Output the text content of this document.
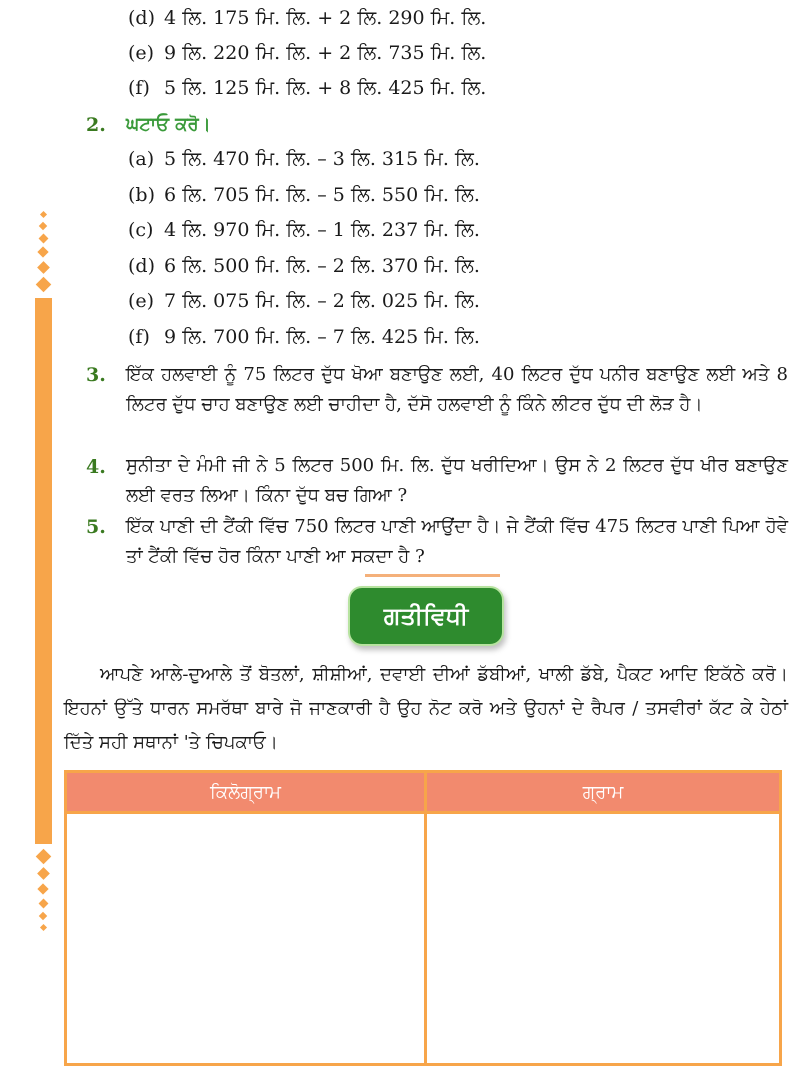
(d) 4 ਲਿ. 175 ਮਿ. ਲਿ. + 2 ਲਿ. 290 ਮਿ. ਲਿ.
(e) 9 ਲਿ. 220 ਮਿ. ਲਿ. + 2 ਲਿ. 735 ਮਿ. ਲਿ.
(f) 5 ਲਿ. 125 ਮਿ. ਲਿ. + 8 ਲਿ. 425 ਮਿ. ਲਿ.
2. ਘਟਾਓ ਕਰੋ।
(a) 5 ਲਿ. 470 ਮਿ. ਲਿ. – 3 ਲਿ. 315 ਮਿ. ਲਿ.
(b) 6 ਲਿ. 705 ਮਿ. ਲਿ. – 5 ਲਿ. 550 ਮਿ. ਲਿ.
(c) 4 ਲਿ. 970 ਮਿ. ਲਿ. – 1 ਲਿ. 237 ਮਿ. ਲਿ.
(d) 6 ਲਿ. 500 ਮਿ. ਲਿ. – 2 ਲਿ. 370 ਮਿ. ਲਿ.
(e) 7 ਲਿ. 075 ਮਿ. ਲਿ. – 2 ਲਿ. 025 ਮਿ. ਲਿ.
(f) 9 ਲਿ. 700 ਮਿ. ਲਿ. – 7 ਲਿ. 425 ਮਿ. ਲਿ.
3. ਇੱਕ ਹਲਵਾਈ ਨੂੰ 75 ਲਿਟਰ ਦੁੱਧ ਖੋਆ ਬਣਾਉਣ ਲਈ, 40 ਲਿਟਰ ਦੁੱਧ ਪਨੀਰ ਬਣਾਉਣ ਲਈ ਅਤੇ 8 ਲਿਟਰ ਦੁੱਧ ਚਾਹ ਬਣਾਉਣ ਲਈ ਚਾਹੀਦਾ ਹੈ, ਦੱਸੋ ਹਲਵਾਈ ਨੂੰ ਕਿੰਨੇ ਲੀਟਰ ਦੁੱਧ ਦੀ ਲੋੜ ਹੈ।
4. ਸੁਨੀਤਾ ਦੇ ਮੰਮੀ ਜੀ ਨੇ 5 ਲਿਟਰ 500 ਮਿ. ਲਿ. ਦੁੱਧ ਖਰੀਦਿਆ। ਉਸ ਨੇ 2 ਲਿਟਰ ਦੁੱਧ ਖੀਰ ਬਣਾਉਣ ਲਈ ਵਰਤ ਲਿਆ। ਕਿੰਨਾ ਦੁੱਧ ਬਚ ਗਿਆ ?
5. ਇੱਕ ਪਾਣੀ ਦੀ ਟੈਂਕੀ ਵਿੱਚ 750 ਲਿਟਰ ਪਾਣੀ ਆਉਂਦਾ ਹੈ। ਜੇ ਟੈਂਕੀ ਵਿੱਚ 475 ਲਿਟਰ ਪਾਣੀ ਪਿਆ ਹੋਵੇ ਤਾਂ ਟੈਂਕੀ ਵਿੱਚ ਹੋਰ ਕਿੰਨਾ ਪਾਣੀ ਆ ਸਕਦਾ ਹੈ ?
ਗਤੀਵਿਧੀ
ਆਪਣੇ ਆਲੇ-ਦੁਆਲੇ ਤੋਂ ਬੋਤਲਾਂ, ਸ਼ੀਸ਼ੀਆਂ, ਦਵਾਈ ਦੀਆਂ ਡੱਬੀਆਂ, ਖਾਲੀ ਡੱਬੇ, ਪੈਕਟ ਆਦਿ ਇਕੱਠੇ ਕਰੋ। ਇਹਨਾਂ ਉੱਤੇ ਧਾਰਨ ਸਮਰੱਥਾ ਬਾਰੇ ਜੋ ਜਾਣਕਾਰੀ ਹੈ ਉਹ ਨੋਟ ਕਰੋ ਅਤੇ ਉਹਨਾਂ ਦੇ ਰੈਪਰ / ਤਸਵੀਰਾਂ ਕੱਟ ਕੇ ਹੇਠਾਂ ਦਿੱਤੇ ਸਹੀ ਸਥਾਨਾਂ 'ਤੇ ਚਿਪਕਾਓ।
ਕਿਲੋਗ੍ਰਾਮ	ਗ੍ਰਾਮ
